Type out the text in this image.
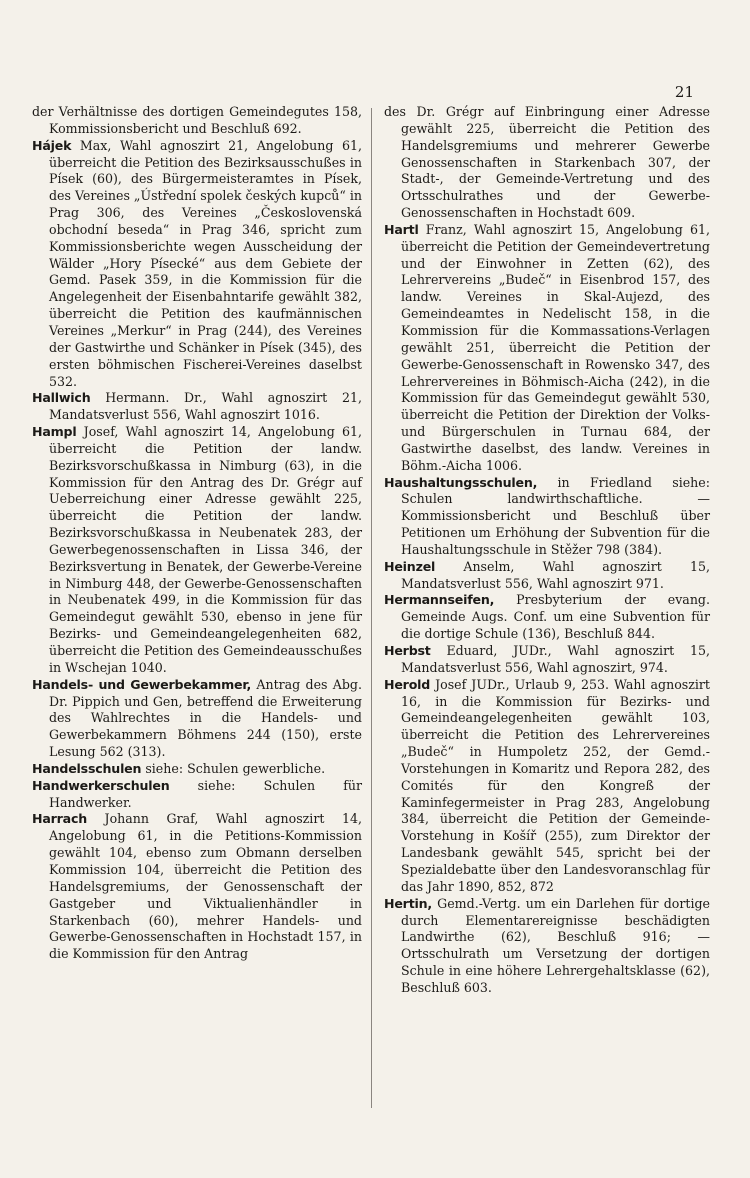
21

der Verhältnisse des dortigen Gemeindegutes 158, Kommissionsbericht und Beschluß 692.

Hájek Max, Wahl agnoszirt 21, Angelobung 61, überreicht die Petition des Bezirksausschußes in Písek (60), des Bürgermeisteramtes in Písek, des Vereines „Ústřední spolek českých kupců“ in Prag 306, des Vereines „Československá obchodní beseda“ in Prag 346, spricht zum Kommissionsberichte wegen Ausscheidung der Wälder „Hory Písecké“ aus dem Gebiete der Gemd. Pasek 359, in die Kommission für die Angelegenheit der Eisenbahntarife gewählt 382, überreicht die Petition des kaufmännischen Vereines „Merkur“ in Prag (244), des Vereines der Gastwirthe und Schänker in Písek (345), des ersten böhmischen Fischerei-Vereines daselbst 532.

Hallwich Hermann. Dr., Wahl agnoszirt 21, Mandatsverlust 556, Wahl agnoszirt 1016.

Hampl Josef, Wahl agnoszirt 14, Angelobung 61, überreicht die Petition der landw. Bezirksvorschußkassa in Nimburg (63), in die Kommission für den Antrag des Dr. Grégr auf Ueberreichung einer Adresse gewählt 225, überreicht die Petition der landw. Bezirksvorschußkassa in Neubenatek 283, der Gewerbegenossenschaften in Lissa 346, der Bezirksvertung in Benatek, der Gewerbe-Vereine in Nimburg 448, der Gewerbe-Genossenschaften in Neubenatek 499, in die Kommission für das Gemeindegut gewählt 530, ebenso in jene für Bezirks- und Gemeindeangelegenheiten 682, überreicht die Petition des Gemeindeausschußes in Wschejan 1040.

Handels- und Gewerbekammer, Antrag des Abg. Dr. Pippich und Gen, betreffend die Erweiterung des Wahlrechtes in die Handels- und Gewerbekammern Böhmens 244 (150), erste Lesung 562 (313).

Handelsschulen siehe: Schulen gewerbliche.

Handwerkerschulen siehe: Schulen für Handwerker.

Harrach Johann Graf, Wahl agnoszirt 14, Angelobung 61, in die Petitions-Kommission gewählt 104, ebenso zum Obmann derselben Kommission 104, überreicht die Petition des Handelsgremiums, der Genossenschaft der Gastgeber und Viktualienhändler in Starkenbach (60), mehrer Handels- und Gewerbe-Genossenschaften in Hochstadt 157, in die Kommission für den Antrag

des Dr. Grégr auf Einbringung einer Adresse gewählt 225, überreicht die Petition des Handelsgremiums und mehrerer Gewerbe Genossenschaften in Starkenbach 307, der Stadt-, der Gemeinde-Vertretung und des Ortsschulrathes und der Gewerbe-Genossenschaften in Hochstadt 609.

Hartl Franz, Wahl agnoszirt 15, Angelobung 61, überreicht die Petition der Gemeindevertretung und der Einwohner in Zetten (62), des Lehrervereins „Budeč“ in Eisenbrod 157, des landw. Vereines in Skal-Aujezd, des Gemeindeamtes in Nedelischt 158, in die Kommission für die Kommassations-Verlagen gewählt 251, überreicht die Petition der Gewerbe-Genossenschaft in Rowensko 347, des Lehrervereines in Böhmisch-Aicha (242), in die Kommission für das Gemeindegut gewählt 530, überreicht die Petition der Direktion der Volks- und Bürgerschulen in Turnau 684, der Gastwirthe daselbst, des landw. Vereines in Böhm.-Aicha 1006.

Haushaltungsschulen, in Friedland siehe: Schulen landwirthschaftliche. — Kommissionsbericht und Beschluß über Petitionen um Erhöhung der Subvention für die Haushaltungsschule in Stěžer 798 (384).

Heinzel Anselm, Wahl agnoszirt 15, Mandatsverlust 556, Wahl agnoszirt 971.

Hermannseifen, Presbyterium der evang. Gemeinde Augs. Conf. um eine Subvention für die dortige Schule (136), Beschluß 844.

Herbst Eduard, JUDr., Wahl agnoszirt 15, Mandatsverlust 556, Wahl agnoszirt, 974.

Herold Josef JUDr., Urlaub 9, 253. Wahl agnoszirt 16, in die Kommission für Bezirks- und Gemeindeangelegenheiten gewählt 103, überreicht die Petition des Lehrervereines „Budeč“ in Humpoletz 252, der Gemd.-Vorstehungen in Komaritz und Repora 282, des Comités für den Kongreß der Kaminfegermeister in Prag 283, Angelobung 384, überreicht die Petition der Gemeinde-Vorstehung in Košíř (255), zum Direktor der Landesbank gewählt 545, spricht bei der Spezialdebatte über den Landesvoranschlag für das Jahr 1890, 852, 872

Hertin, Gemd.-Vertg. um ein Darlehen für dortige durch Elementarereignisse beschädigten Landwirthe (62), Beschluß 916; — Ortsschulrath um Versetzung der dortigen Schule in eine höhere Lehrergehaltsklasse (62), Beschluß 603.
